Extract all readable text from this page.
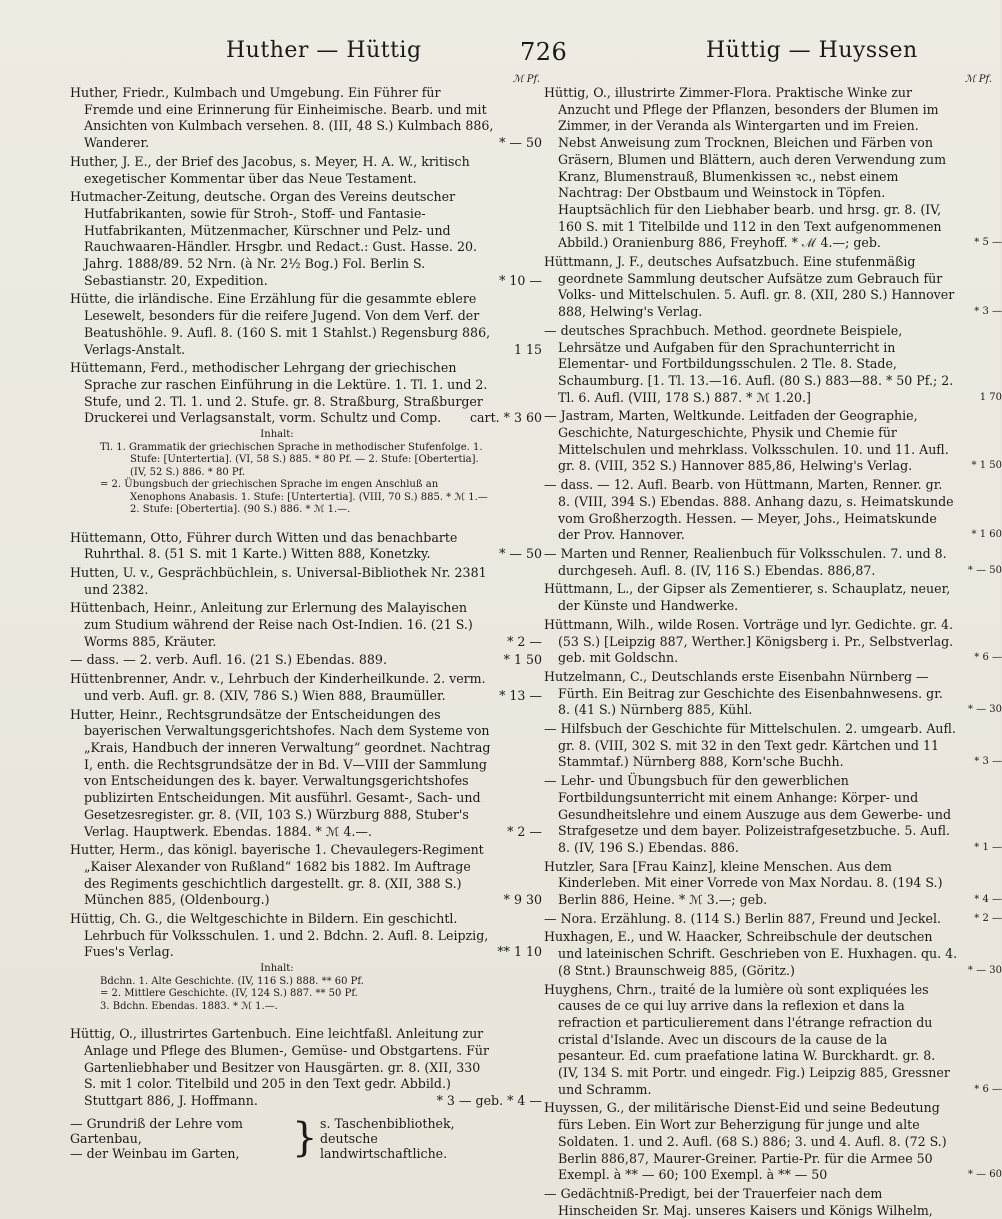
Huther — Hüttig	726	Hüttig — Huyssen
ℳ Pf.
Huther, Friedr., Kulmbach und Umgebung. Ein Führer für Fremde und eine Erinnerung für Einheimische. Bearb. und mit Ansichten von Kulmbach versehen. 8. (III, 48 S.) Kulmbach 886, Wanderer.	* — 50
Huther, J. E., der Brief des Jacobus, s. Meyer, H. A. W., kritisch exegetischer Kommentar über das Neue Testament.
Hutmacher-Zeitung, deutsche. Organ des Vereins deutscher Hutfabrikanten, sowie für Stroh-, Stoff- und Fantasie-Hutfabrikanten, Mützenmacher, Kürschner und Pelz- und Rauchwaaren-Händler. Hrsgbr. und Redact.: Gust. Hasse. 20. Jahrg. 1888/89. 52 Nrn. (à Nr. 2½ Bog.) Fol. Berlin S. Sebastianstr. 20, Expedition.	* 10 —
Hütte, die irländische. Eine Erzählung für die gesammte eblere Lesewelt, besonders für die reifere Jugend. Von dem Verf. der Beatushöhle. 9. Aufl. 8. (160 S. mit 1 Stahlst.) Regensburg 886, Verlags-Anstalt.	1 15
Hüttemann, Ferd., methodischer Lehrgang der griechischen Sprache zur raschen Einführung in die Lektüre. 1. Tl. 1. und 2. Stufe, und 2. Tl. 1. und 2. Stufe. gr. 8. Straßburg, Straßburger Druckerei und Verlagsanstalt, vorm. Schultz und Comp. cart. * 3 60
Inhalt:
Tl. 1. Grammatik der griechischen Sprache in methodischer Stufenfolge. 1. Stufe: [Untertertia]. (VI, 58 S.) 885. * 80 Pf. — 2. Stufe: [Obertertia]. (IV, 52 S.) 886. * 80 Pf.
= 2. Übungsbuch der griechischen Sprache im engen Anschluß an Xenophons Anabasis. 1. Stufe: [Untertertia]. (VIII, 70 S.) 885. * ℳ 1.— 2. Stufe: [Obertertia]. (90 S.) 886. * ℳ 1.—.
Hüttemann, Otto, Führer durch Witten und das benachbarte Ruhrthal. 8. (51 S. mit 1 Karte.) Witten 888, Konetzky.	* — 50
Hutten, U. v., Gesprächbüchlein, s. Universal-Bibliothek Nr. 2381 und 2382.
Hüttenbach, Heinr., Anleitung zur Erlernung des Malayischen zum Studium während der Reise nach Ost-Indien. 16. (21 S.) Worms 885, Kräuter.	* 2 —
— dass. — 2. verb. Aufl. 16. (21 S.) Ebendas. 889.	* 1 50
Hüttenbrenner, Andr. v., Lehrbuch der Kinderheilkunde. 2. verm. und verb. Aufl. gr. 8. (XIV, 786 S.) Wien 888, Braumüller.	* 13 —
Hutter, Heinr., Rechtsgrundsätze der Entscheidungen des bayerischen Verwaltungsgerichtshofes. Nach dem Systeme von „Krais, Handbuch der inneren Verwaltung“ geordnet. Nachtrag I, enth. die Rechtsgrundsätze der in Bd. V—VIII der Sammlung von Entscheidungen des k. bayer. Verwaltungsgerichtshofes publizirten Entscheidungen. Mit ausführl. Gesamt-, Sach- und Gesetzesregister. gr. 8. (VII, 103 S.) Würzburg 888, Stuber's Verlag. Hauptwerk. Ebendas. 1884. * ℳ 4.—.	* 2 —
Hutter, Herm., das königl. bayerische 1. Chevaulegers-Regiment „Kaiser Alexander von Rußland“ 1682 bis 1882. Im Auftrage des Regiments geschichtlich dargestellt. gr. 8. (XII, 388 S.) München 885, (Oldenbourg.)	* 9 30
Hüttig, Ch. G., die Weltgeschichte in Bildern. Ein geschichtl. Lehrbuch für Volksschulen. 1. und 2. Bdchn. 2. Aufl. 8. Leipzig, Fues's Verlag.	** 1 10
Inhalt:
Bdchn. 1. Alte Geschichte. (IV, 116 S.) 888. ** 60 Pf.
= 2. Mittlere Geschichte. (IV, 124 S.) 887. ** 50 Pf.
3. Bdchn. Ebendas. 1883. * ℳ 1.—.
Hüttig, O., illustrirtes Gartenbuch. Eine leichtfaßl. Anleitung zur Anlage und Pflege des Blumen-, Gemüse- und Obstgartens. Für Gartenliebhaber und Besitzer von Hausgärten. gr. 8. (XII, 330 S. mit 1 color. Titelbild und 205 in den Text gedr. Abbild.) Stuttgart 886, J. Hoffmann.	* 3 — geb. * 4 —
— Grundriß der Lehre vom Gartenbau,
— der Weinbau im Garten,	} s. Taschenbibliothek, deutsche landwirtschaftliche.
ℳ Pf.
Hüttig, O., illustrirte Zimmer-Flora. Praktische Winke zur Anzucht und Pflege der Pflanzen, besonders der Blumen im Zimmer, in der Veranda als Wintergarten und im Freien. Nebst Anweisung zum Trocknen, Bleichen und Färben von Gräsern, Blumen und Blättern, auch deren Verwendung zum Kranz, Blumenstrauß, Blumenkissen ꝛc., nebst einem Nachtrag: Der Obstbaum und Weinstock in Töpfen. Hauptsächlich für den Liebhaber bearb. und hrsg. gr. 8. (IV, 160 S. mit 1 Titelbilde und 112 in den Text aufgenommenen Abbild.) Oranienburg 886, Freyhoff. * ℳ 4.—; geb.	* 5 —
Hüttmann, J. F., deutsches Aufsatzbuch. Eine stufenmäßig geordnete Sammlung deutscher Aufsätze zum Gebrauch für Volks- und Mittelschulen. 5. Aufl. gr. 8. (XII, 280 S.) Hannover 888, Helwing's Verlag.	* 3 —
— deutsches Sprachbuch. Method. geordnete Beispiele, Lehrsätze und Aufgaben für den Sprachunterricht in Elementar- und Fortbildungsschulen. 2 Tle. 8. Stade, Schaumburg. [1. Tl. 13.—16. Aufl. (80 S.) 883—88. * 50 Pf.; 2. Tl. 6. Aufl. (VIII, 178 S.) 887. * ℳ 1.20.]	1 70
— Jastram, Marten, Weltkunde. Leitfaden der Geographie, Geschichte, Naturgeschichte, Physik und Chemie für Mittelschulen und mehrklass. Volksschulen. 10. und 11. Aufl. gr. 8. (VIII, 352 S.) Hannover 885,86, Helwing's Verlag.	* 1 50
— dass. — 12. Aufl. Bearb. von Hüttmann, Marten, Renner. gr. 8. (VIII, 394 S.) Ebendas. 888. Anhang dazu, s. Heimatskunde vom Großherzogth. Hessen. — Meyer, Johs., Heimatskunde der Prov. Hannover.	* 1 60
— Marten und Renner, Realienbuch für Volksschulen. 7. und 8. durchgeseh. Aufl. 8. (IV, 116 S.) Ebendas. 886,87.	* — 50
Hüttmann, L., der Gipser als Zementierer, s. Schauplatz, neuer, der Künste und Handwerke.
Hüttmann, Wilh., wilde Rosen. Vorträge und lyr. Gedichte. gr. 4. (53 S.) [Leipzig 887, Werther.] Königsberg i. Pr., Selbstverlag. geb. mit Goldschn.	* 6 —
Hutzelmann, C., Deutschlands erste Eisenbahn Nürnberg — Fürth. Ein Beitrag zur Geschichte des Eisenbahnwesens. gr. 8. (41 S.) Nürnberg 885, Kühl.	* — 30
— Hilfsbuch der Geschichte für Mittelschulen. 2. umgearb. Aufl. gr. 8. (VIII, 302 S. mit 32 in den Text gedr. Kärtchen und 11 Stammtaf.) Nürnberg 888, Korn'sche Buchh.	* 3 —
— Lehr- und Übungsbuch für den gewerblichen Fortbildungsunterricht mit einem Anhange: Körper- und Gesundheitslehre und einem Auszuge aus dem Gewerbe- und Strafgesetze und dem bayer. Polizeistrafgesetzbuche. 5. Aufl. 8. (IV, 196 S.) Ebendas. 886.	* 1 —
Hutzler, Sara [Frau Kainz], kleine Menschen. Aus dem Kinderleben. Mit einer Vorrede von Max Nordau. 8. (194 S.) Berlin 886, Heine. * ℳ 3.—; geb.	* 4 —
— Nora. Erzählung. 8. (114 S.) Berlin 887, Freund und Jeckel.	* 2 —
Huxhagen, E., und W. Haacker, Schreibschule der deutschen und lateinischen Schrift. Geschrieben von E. Huxhagen. qu. 4. (8 Stnt.) Braunschweig 885, (Göritz.)	* — 30
Huyghens, Chrn., traité de la lumière où sont expliquées les causes de ce qui luy arrive dans la reflexion et dans la refraction et particulierement dans l'étrange refraction du cristal d'Islande. Avec un discours de la cause de la pesanteur. Ed. cum praefatione latina W. Burckhardt. gr. 8. (IV, 134 S. mit Portr. und eingedr. Fig.) Leipzig 885, Gressner und Schramm.	* 6 —
Huyssen, G., der militärische Dienst-Eid und seine Bedeutung fürs Leben. Ein Wort zur Beherzigung für junge und alte Soldaten. 1. und 2. Aufl. (68 S.) 886; 3. und 4. Aufl. 8. (72 S.) Berlin 886,87, Maurer-Greiner. Partie-Pr. für die Armee 50 Exempl. à ** — 60; 100 Exempl. à ** — 50	* — 60
— Gedächtniß-Predigt, bei der Trauerfeier nach dem Hinscheiden Sr. Maj. unseres Kaisers und Königs Wilhelm,
